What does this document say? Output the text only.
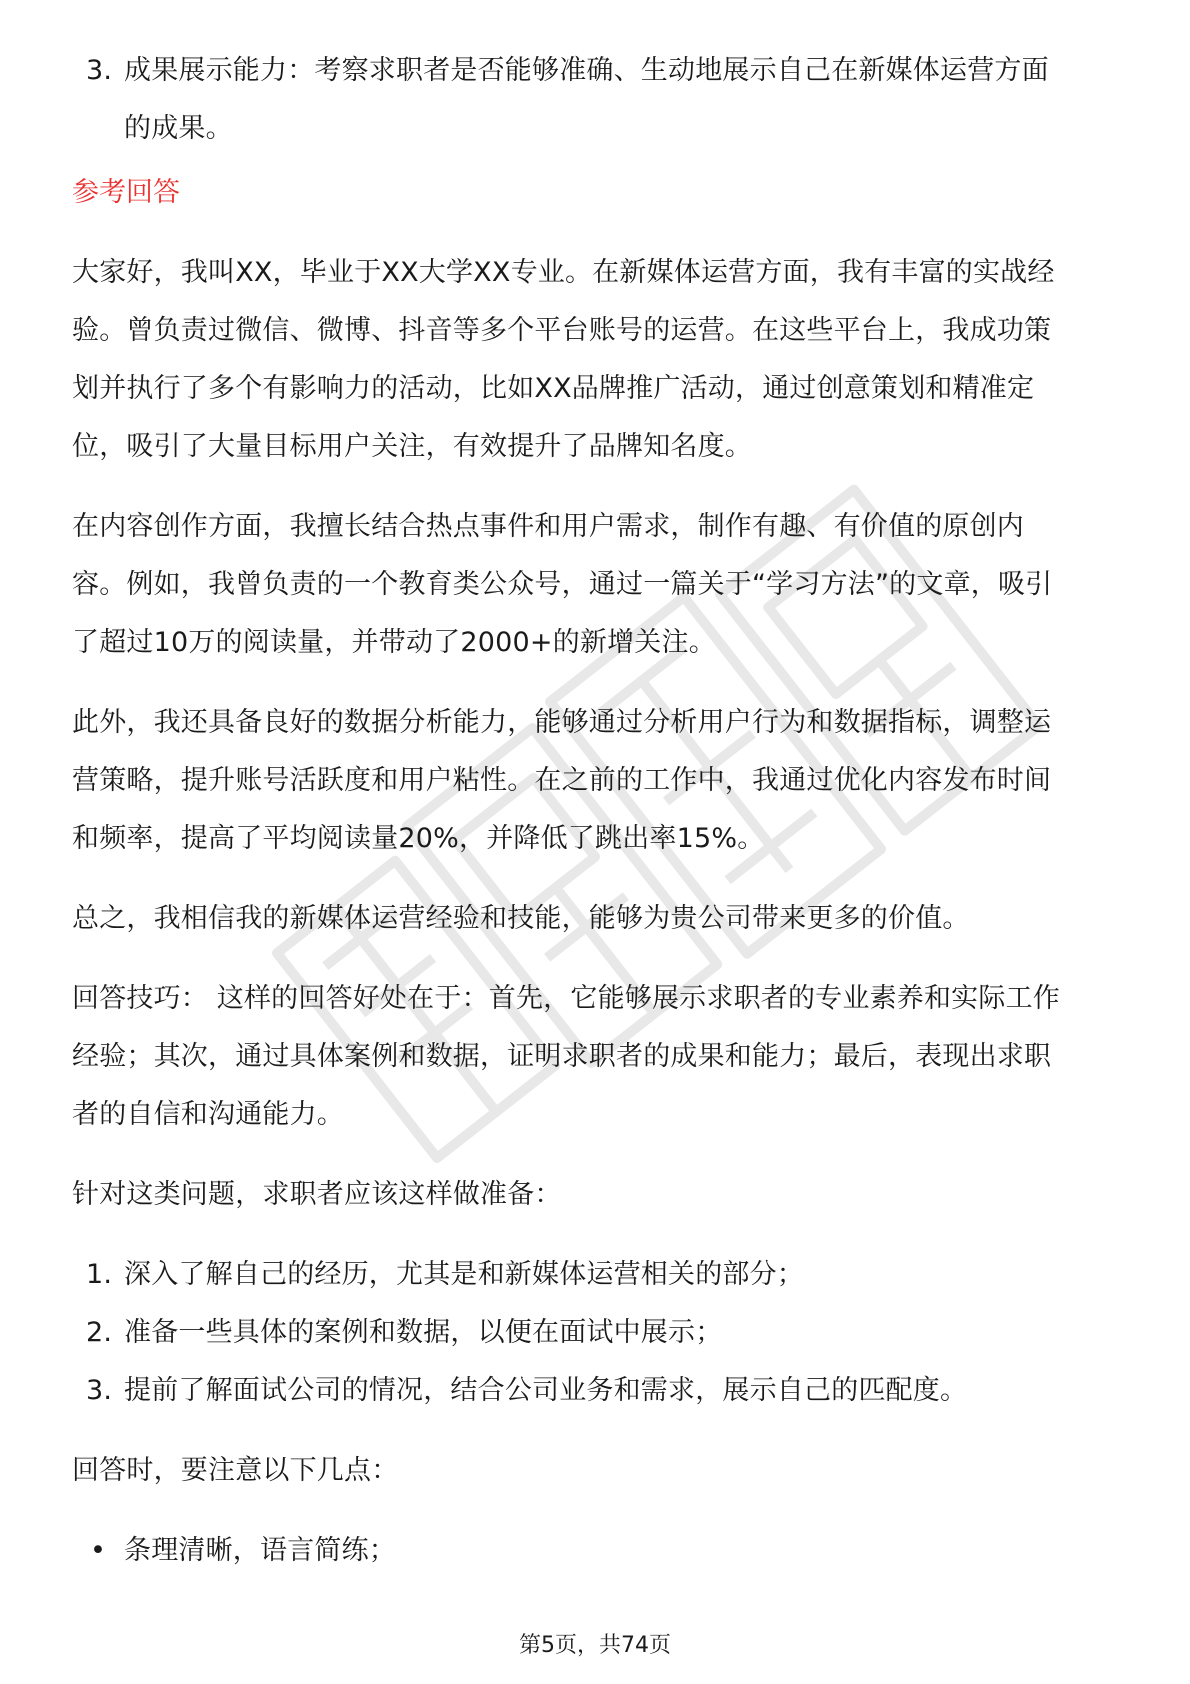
3. 成果展示能力：考察求职者是否能够准确、生动地展示自己在新媒体运营方面
的成果。
参考回答
大家好，我叫XX，毕业于XX大学XX专业。在新媒体运营方面，我有丰富的实战经
验。曾负责过微信、微博、抖音等多个平台账号的运营。在这些平台上，我成功策
划并执行了多个有影响力的活动，比如XX品牌推广活动，通过创意策划和精准定
位，吸引了大量目标用户关注，有效提升了品牌知名度。
在内容创作方面，我擅长结合热点事件和用户需求，制作有趣、有价值的原创内
容。例如，我曾负责的一个教育类公众号，通过一篇关于“学习方法”的文章，吸引
了超过10万的阅读量，并带动了2000+的新增关注。
此外，我还具备良好的数据分析能力，能够通过分析用户行为和数据指标，调整运
营策略，提升账号活跃度和用户粘性。在之前的工作中，我通过优化内容发布时间
和频率，提高了平均阅读量20%，并降低了跳出率15%。
总之，我相信我的新媒体运营经验和技能，能够为贵公司带来更多的价值。
回答技巧： 这样的回答好处在于：首先，它能够展示求职者的专业素养和实际工作
经验；其次，通过具体案例和数据，证明求职者的成果和能力；最后，表现出求职
者的自信和沟通能力。
针对这类问题，求职者应该这样做准备：
1. 深入了解自己的经历，尤其是和新媒体运营相关的部分；
2. 准备一些具体的案例和数据，以便在面试中展示；
3. 提前了解面试公司的情况，结合公司业务和需求，展示自己的匹配度。
回答时，要注意以下几点：
• 条理清晰，语言简练；
第5页，共74页
